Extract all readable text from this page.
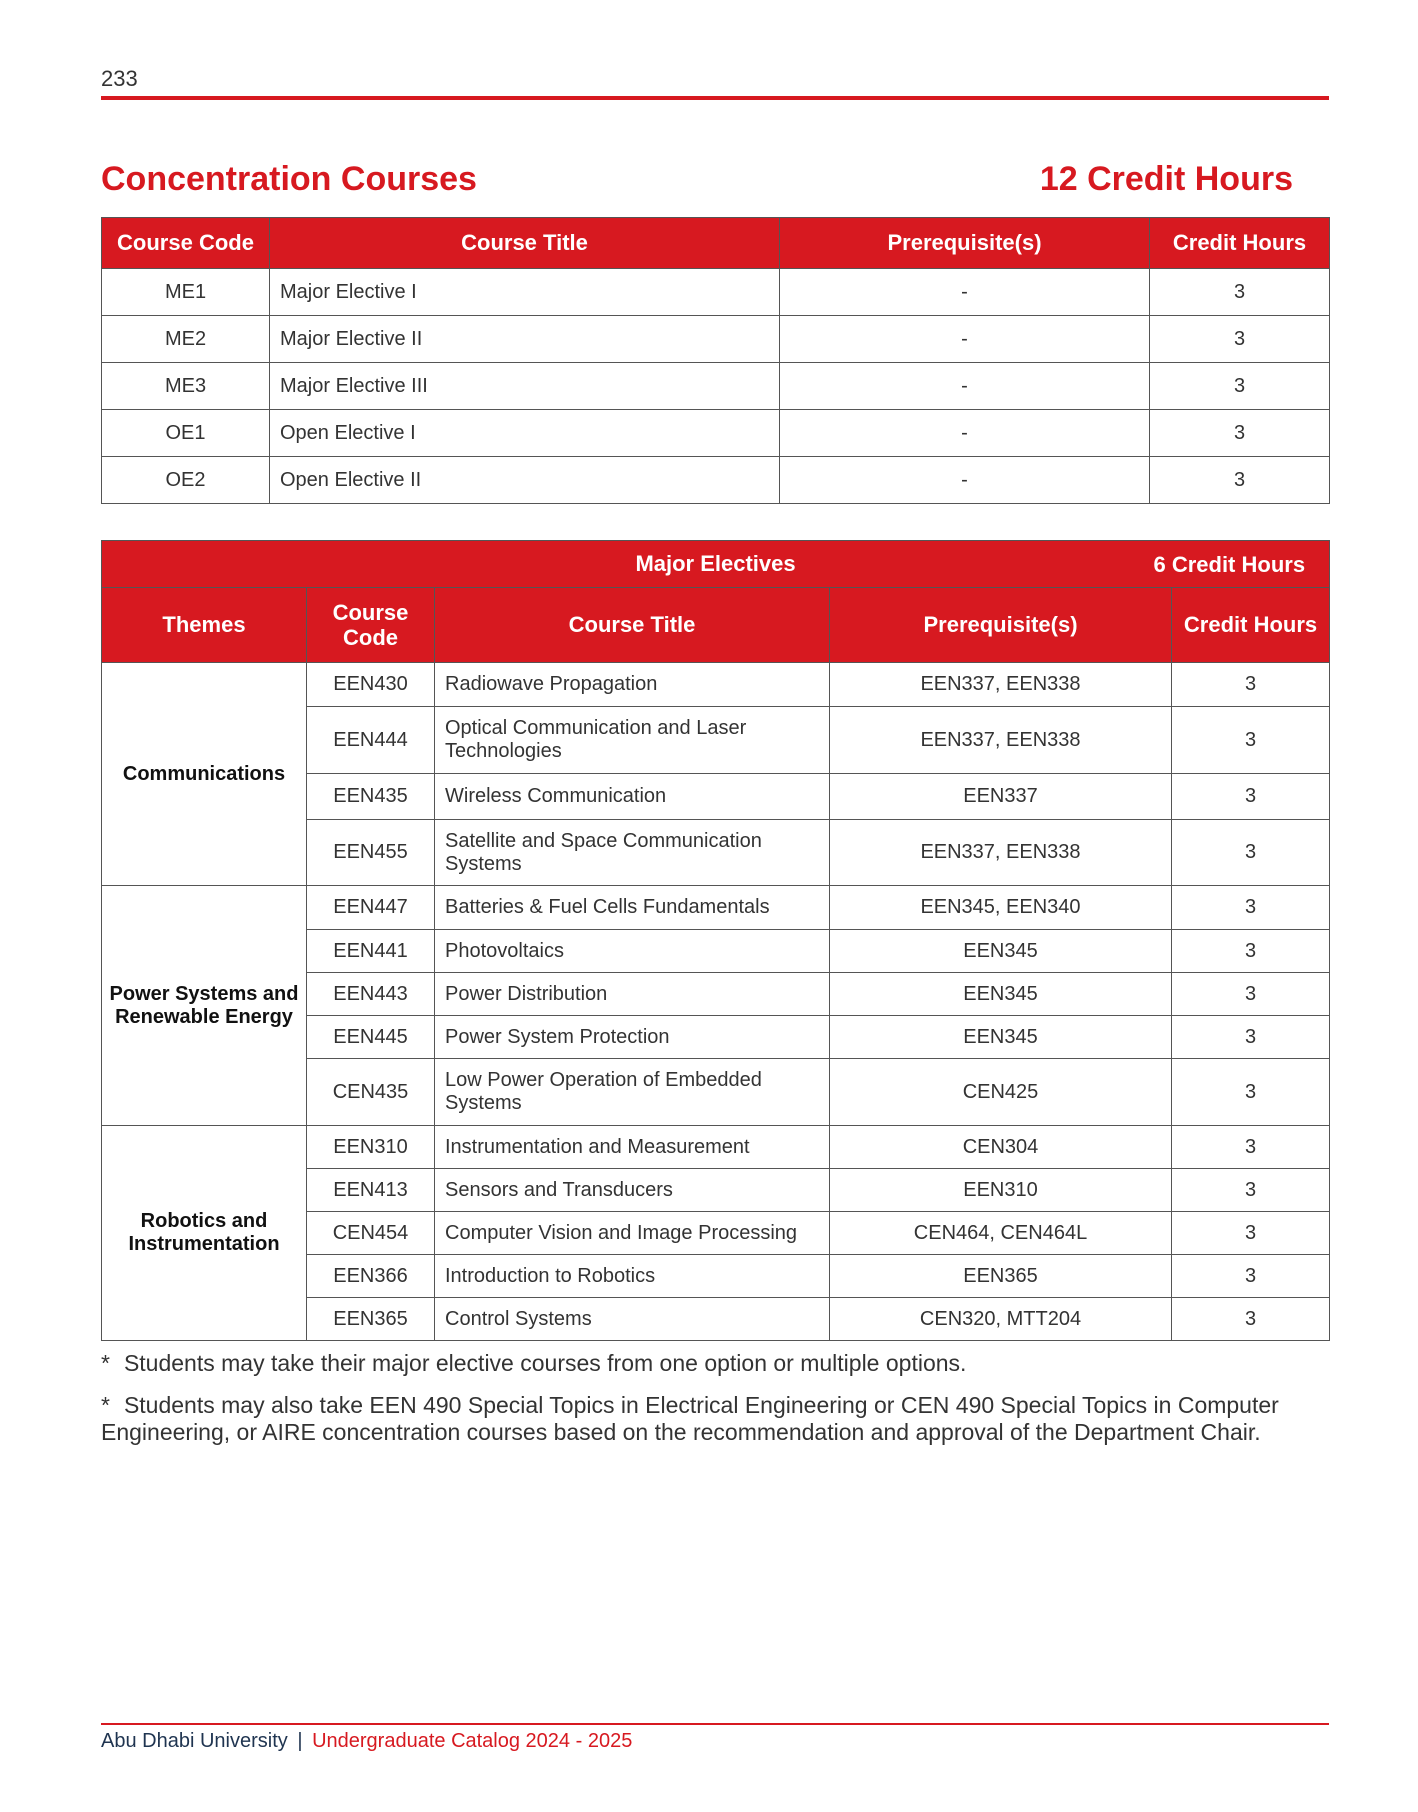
233
Concentration Courses	12 Credit Hours
Course Code	Course Title	Prerequisite(s)	Credit Hours
ME1	Major Elective I	-	3
ME2	Major Elective II	-	3
ME3	Major Elective III	-	3
OE1	Open Elective I	-	3
OE2	Open Elective II	-	3
Major Electives 6 Credit Hours				

Themes	Course Code	Course Title	Prerequisite(s)	Credit Hours
Communications	EEN430	Radiowave Propagation	EEN337, EEN338	3
	EEN444	Optical Communication and Laser Technologies	EEN337, EEN338	3
	EEN435	Wireless Communication	EEN337	3
	EEN455	Satellite and Space Communication Systems	EEN337, EEN338	3
Power Systems and Renewable Energy	EEN447	Batteries & Fuel Cells Fundamentals	EEN345, EEN340	3
	EEN441	Photovoltaics	EEN345	3
	EEN443	Power Distribution	EEN345	3
	EEN445	Power System Protection	EEN345	3
	CEN435	Low Power Operation of Embedded Systems	CEN425	3
Robotics and Instrumentation	EEN310	Instrumentation and Measurement	CEN304	3
	EEN413	Sensors and Transducers	EEN310	3
	CEN454	Computer Vision and Image Processing	CEN464, CEN464L	3
	EEN366	Introduction to Robotics	EEN365	3
	EEN365	Control Systems	CEN320, MTT204	3

* Students may take their major elective courses from one option or multiple options.

* Students may also take EEN 490 Special Topics in Electrical Engineering or CEN 490 Special Topics in Computer Engineering, or AIRE concentration courses based on the recommendation and approval of the Department Chair.

Abu Dhabi University | Undergraduate Catalog 2024 - 2025
